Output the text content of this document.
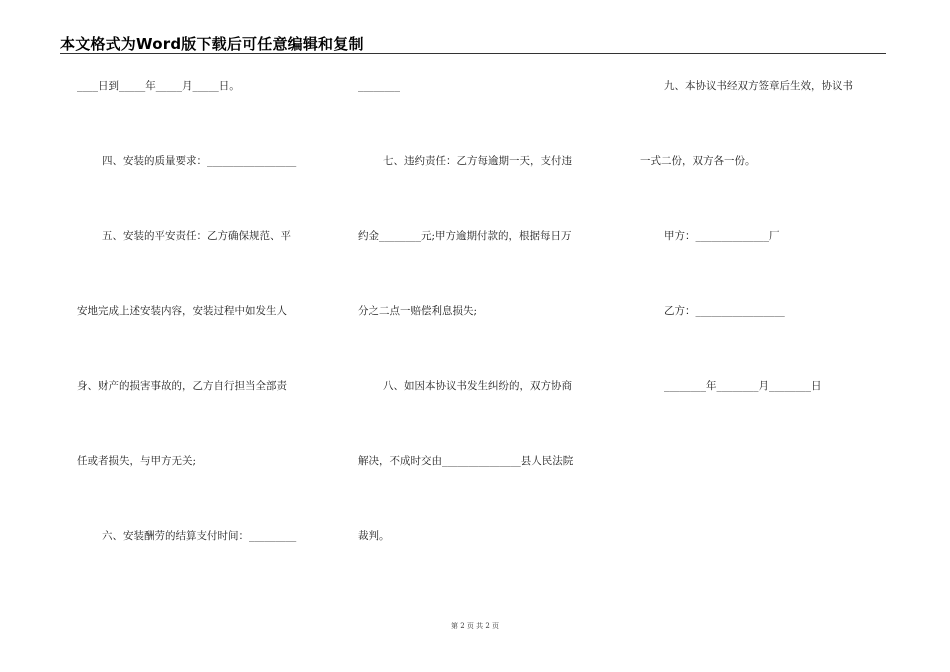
本文格式为Word版下载后可任意编辑和复制
____日到_____年_____月_____日。
四、安装的质量要求：_________________
五、安装的平安责任：乙方确保规范、平
安地完成上述安装内容，安装过程中如发生人
身、财产的损害事故的，乙方自行担当全部责
任或者损失，与甲方无关;
六、安装酬劳的结算支付时间：_________
________
七、违约责任：乙方每逾期一天，支付违
约金________元;甲方逾期付款的，根据每日万
分之二点一赔偿利息损失;
八、如因本协议书发生纠纷的，双方协商
解决，不成时交由_______________县人民法院
裁判。
九、本协议书经双方签章后生效，协议书
一式二份，双方各一份。
甲方：______________厂
乙方：_________________
________年________月________日
第 2 页 共 2 页
